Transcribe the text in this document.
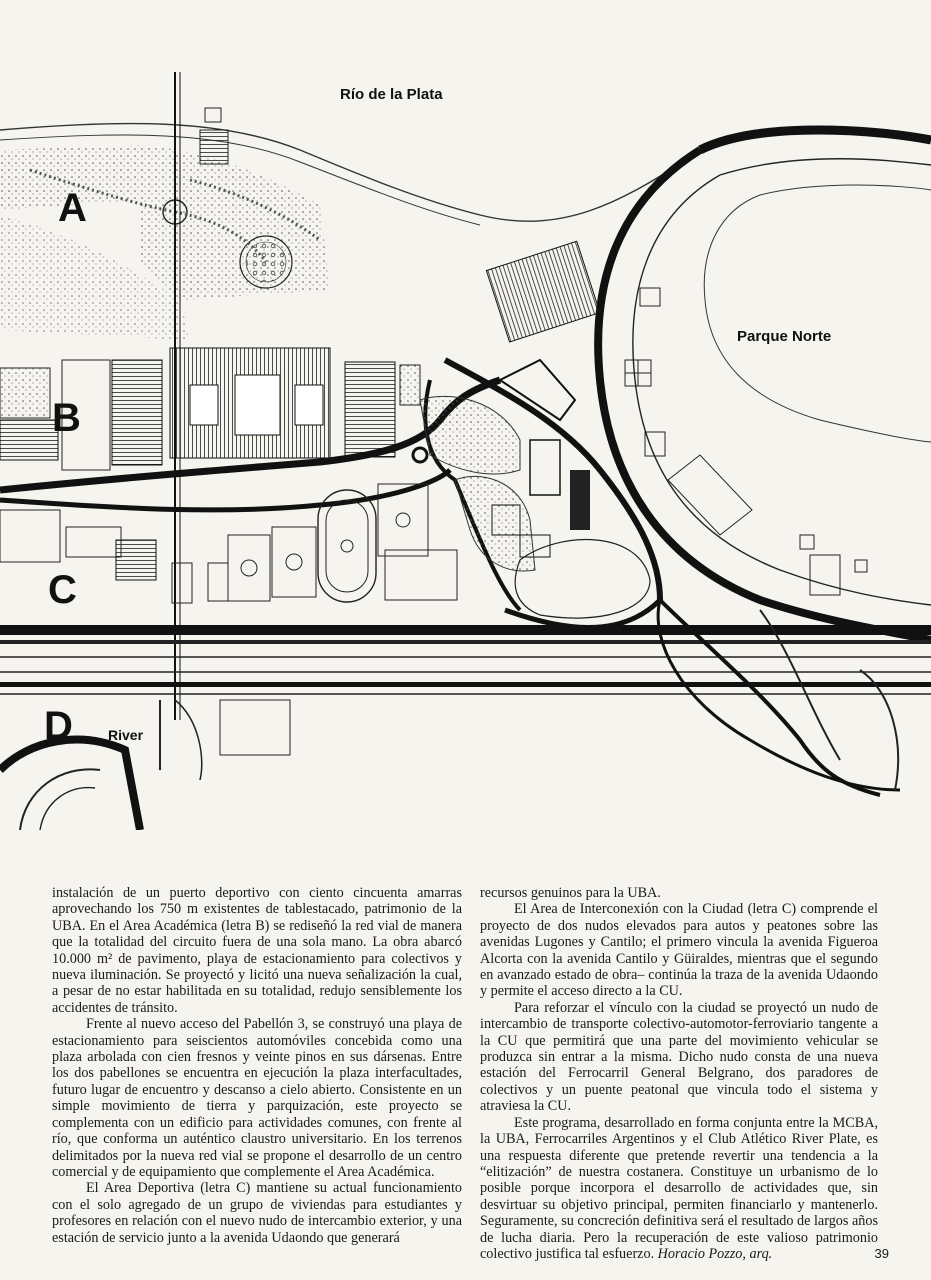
Río de la Plata
Parque Norte
River
A
B
C
D

instalación de un puerto deportivo con ciento cincuenta amarras aprovechando los 750 m existentes de tablestacado, patrimonio de la UBA. En el Area Académica (letra B) se rediseñó la red vial de manera que la totalidad del circuito fuera de una sola mano. La obra abarcó 10.000 m² de pavimento, playa de estacionamiento para colectivos y nueva iluminación. Se proyectó y licitó una nueva señalización la cual, a pesar de no estar habilitada en su totalidad, redujo sensiblemente los accidentes de tránsito.

Frente al nuevo acceso del Pabellón 3, se construyó una playa de estacionamiento para seiscientos automóviles concebida como una plaza arbolada con cien fresnos y veinte pinos en sus dársenas. Entre los dos pabellones se encuentra en ejecución la plaza interfacultades, futuro lugar de encuentro y descanso a cielo abierto. Consistente en un simple movimiento de tierra y parquización, este proyecto se complementa con un edificio para actividades comunes, con frente al río, que conforma un auténtico claustro universitario. En los terrenos delimitados por la nueva red vial se propone el desarrollo de un centro comercial y de equipamiento que complemente el Area Académica.

El Area Deportiva (letra C) mantiene su actual funcionamiento con el solo agregado de un grupo de viviendas para estudiantes y profesores en relación con el nuevo nudo de intercambio exterior, y una estación de servicio junto a la avenida Udaondo que generará

recursos genuinos para la UBA.

El Area de Interconexión con la Ciudad (letra C) comprende el proyecto de dos nudos elevados para autos y peatones sobre las avenidas Lugones y Cantilo; el primero vincula la avenida Figueroa Alcorta con la avenida Cantilo y Güiraldes, mientras que el segundo en avanzado estado de obra– continúa la traza de la avenida Udaondo y permite el acceso directo a la CU.

Para reforzar el vínculo con la ciudad se proyectó un nudo de intercambio de transporte colectivo-automotor-ferroviario tangente a la CU que permitirá que una parte del movimiento vehicular se produzca sin entrar a la misma. Dicho nudo consta de una nueva estación del Ferrocarril General Belgrano, dos paradores de colectivos y un puente peatonal que vincula todo el sistema y atraviesa la CU.

Este programa, desarrollado en forma conjunta entre la MCBA, la UBA, Ferrocarriles Argentinos y el Club Atlético River Plate, es una respuesta diferente que pretende revertir una tendencia a la “elitización” de nuestra costanera. Constituye un urbanismo de lo posible porque incorpora el desarrollo de actividades que, sin desvirtuar su objetivo principal, permiten financiarlo y mantenerlo. Seguramente, su concreción definitiva será el resultado de largos años de lucha diaria. Pero la recuperación de este valioso patrimonio colectivo justifica tal esfuerzo. Horacio Pozzo, arq.	39
